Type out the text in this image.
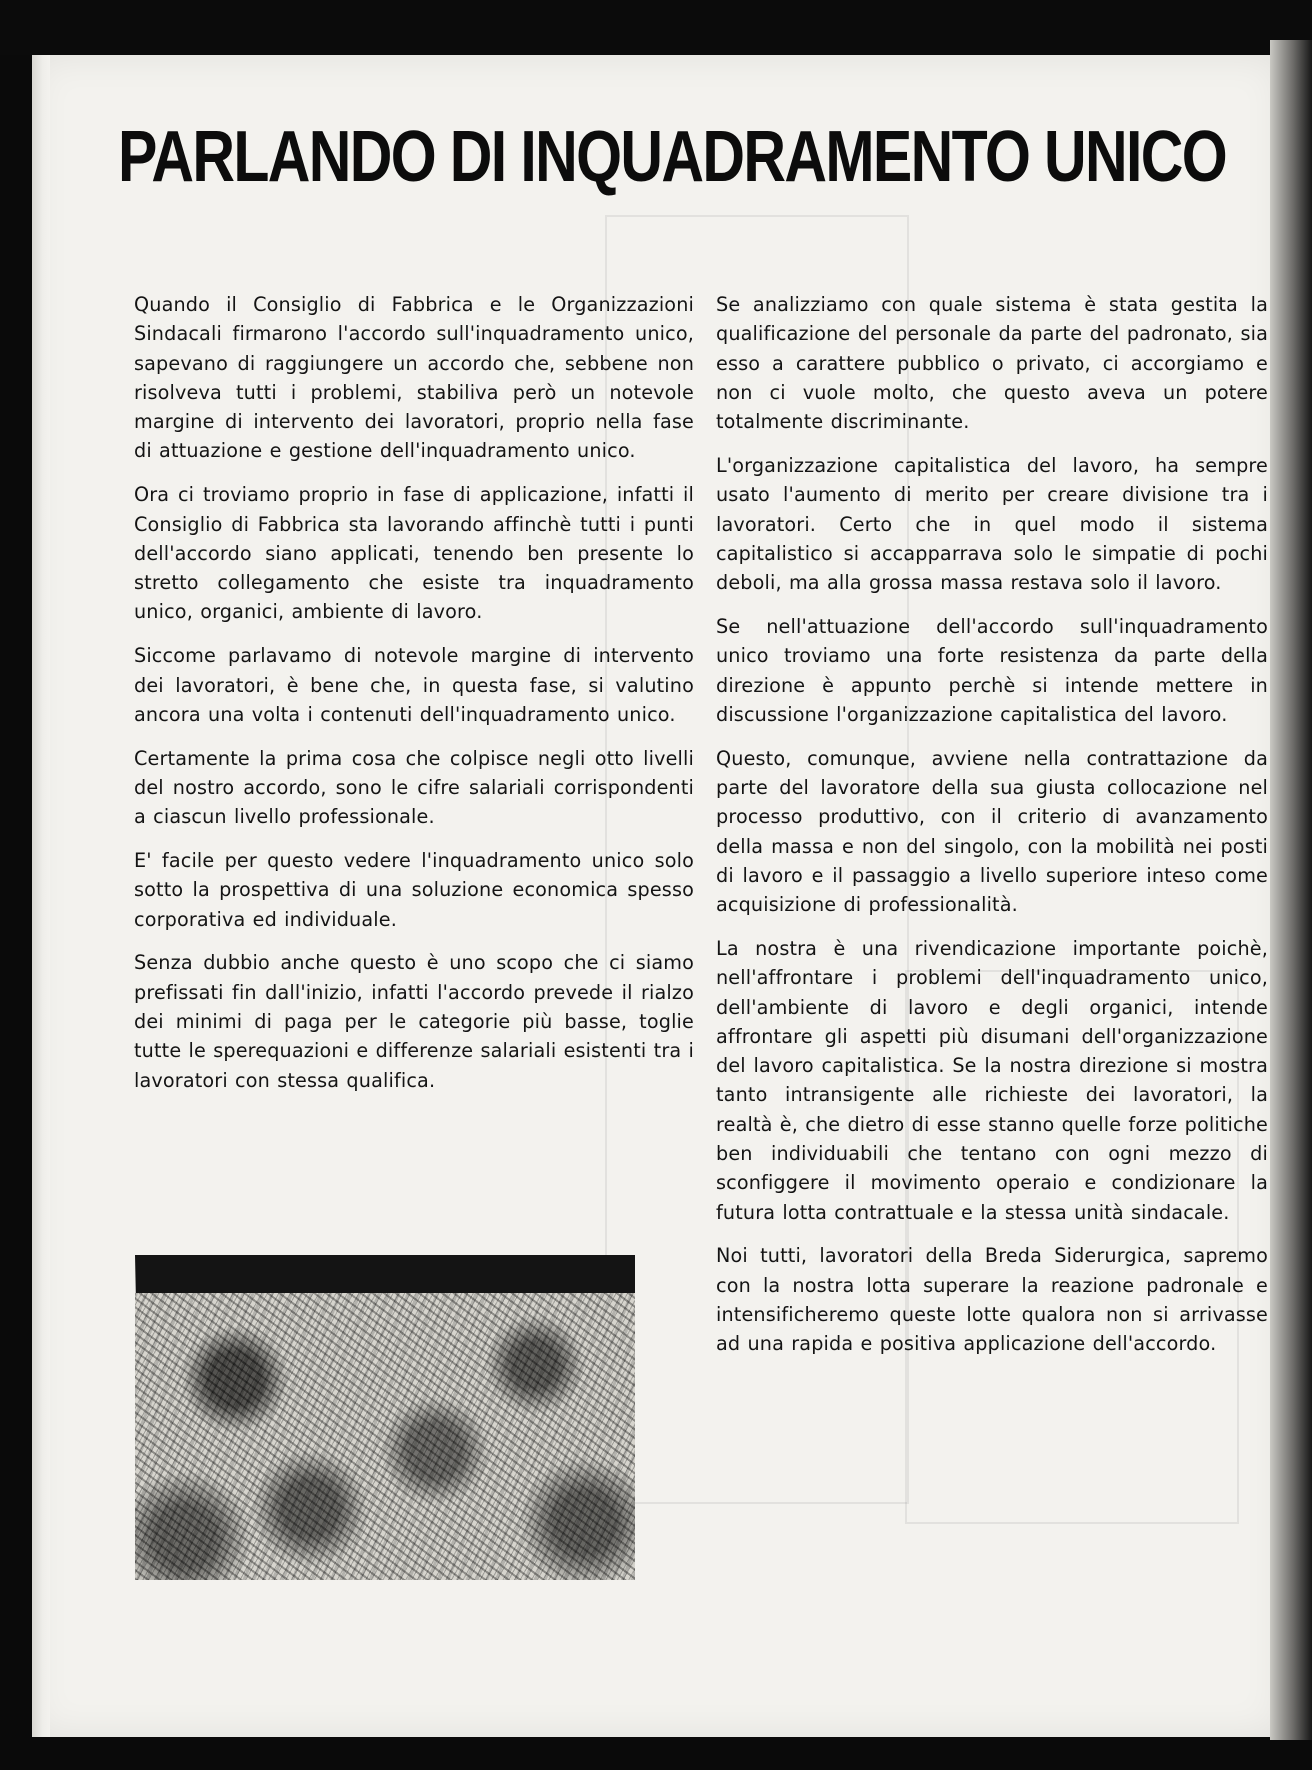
PARLANDO DI INQUADRAMENTO UNICO

Quando il Consiglio di Fabbrica e le Organizzazioni Sindacali firmarono l'accordo sull'inquadramento unico, sapevano di raggiungere un accordo che, sebbene non risolveva tutti i problemi, stabiliva però un notevole margine di intervento dei lavoratori, proprio nella fase di attuazione e gestione dell'inquadramento unico.

Ora ci troviamo proprio in fase di applicazione, infatti il Consiglio di Fabbrica sta lavorando affinchè tutti i punti dell'accordo siano applicati, tenendo ben presente lo stretto collegamento che esiste tra inquadramento unico, organici, ambiente di lavoro.

Siccome parlavamo di notevole margine di intervento dei lavoratori, è bene che, in questa fase, si valutino ancora una volta i contenuti dell'inquadramento unico.

Certamente la prima cosa che colpisce negli otto livelli del nostro accordo, sono le cifre salariali corrispondenti a ciascun livello professionale.

E' facile per questo vedere l'inquadramento unico solo sotto la prospettiva di una soluzione economica spesso corporativa ed individuale.

Senza dubbio anche questo è uno scopo che ci siamo prefissati fin dall'inizio, infatti l'accordo prevede il rialzo dei minimi di paga per le categorie più basse, toglie tutte le sperequazioni e differenze salariali esistenti tra i lavoratori con stessa qualifica.

Se analizziamo con quale sistema è stata gestita la qualificazione del personale da parte del padronato, sia esso a carattere pubblico o privato, ci accorgiamo e non ci vuole molto, che questo aveva un potere totalmente discriminante.

L'organizzazione capitalistica del lavoro, ha sempre usato l'aumento di merito per creare divisione tra i lavoratori. Certo che in quel modo il sistema capitalistico si accapparrava solo le simpatie di pochi deboli, ma alla grossa massa restava solo il lavoro.

Se nell'attuazione dell'accordo sull'inquadramento unico troviamo una forte resistenza da parte della direzione è appunto perchè si intende mettere in discussione l'organizzazione capitalistica del lavoro.

Questo, comunque, avviene nella contrattazione da parte del lavoratore della sua giusta collocazione nel processo produttivo, con il criterio di avanzamento della massa e non del singolo, con la mobilità nei posti di lavoro e il passaggio a livello superiore inteso come acquisizione di professionalità.

La nostra è una rivendicazione importante poichè, nell'affrontare i problemi dell'inquadramento unico, dell'ambiente di lavoro e degli organici, intende affrontare gli aspetti più disumani dell'organizzazione del lavoro capitalistica. Se la nostra direzione si mostra tanto intransigente alle richieste dei lavoratori, la realtà è, che dietro di esse stanno quelle forze politiche ben individuabili che tentano con ogni mezzo di sconfiggere il movimento operaio e condizionare la futura lotta contrattuale e la stessa unità sindacale.

Noi tutti, lavoratori della Breda Siderurgica, sapremo con la nostra lotta superare la reazione padronale e intensificheremo queste lotte qualora non si arrivasse ad una rapida e positiva applicazione dell'accordo.
